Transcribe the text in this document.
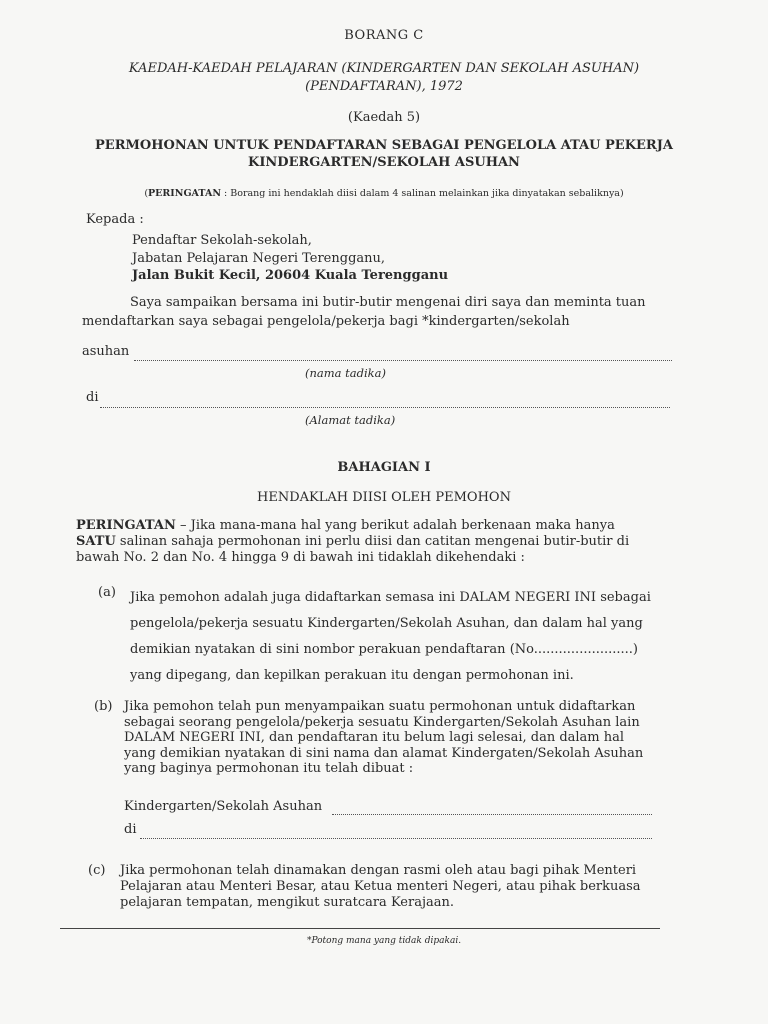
BORANG C
KAEDAH-KAEDAH PELAJARAN (KINDERGARTEN DAN SEKOLAH ASUHAN)
(PENDAFTARAN), 1972
(Kaedah 5)
PERMOHONAN UNTUK PENDAFTARAN SEBAGAI PENGELOLA ATAU PEKERJA
KINDERGARTEN/SEKOLAH ASUHAN
(PERINGATAN : Borang ini hendaklah diisi dalam 4 salinan melainkan jika dinyatakan sebaliknya)
Kepada :
Pendaftar Sekolah-sekolah,
Jabatan Pelajaran Negeri Terengganu,
Jalan Bukit Kecil, 20604 Kuala Terengganu
Saya sampaikan bersama ini butir-butir mengenai diri saya dan meminta tuan
mendaftarkan saya sebagai pengelola/pekerja bagi *kindergarten/sekolah
asuhan
(nama tadika)
di
(Alamat tadika)
BAHAGIAN I
HENDAKLAH DIISI OLEH PEMOHON
PERINGATAN – Jika mana-mana hal yang berikut adalah berkenaan maka hanya
SATU salinan sahaja permohonan ini perlu diisi dan catitan mengenai butir-butir di
bawah No. 2 dan No. 4 hingga 9 di bawah ini tidaklah dikehendaki :
(a) Jika pemohon adalah juga didaftarkan semasa ini DALAM NEGERI INI sebagai
pengelola/pekerja sesuatu Kindergarten/Sekolah Asuhan, dan dalam hal yang
demikian nyatakan di sini nombor perakuan pendaftaran (No........................)
yang dipegang, dan kepilkan perakuan itu dengan permohonan ini.
(b) Jika pemohon telah pun menyampaikan suatu permohonan untuk didaftarkan
sebagai seorang pengelola/pekerja sesuatu Kindergarten/Sekolah Asuhan lain
DALAM NEGERI INI, dan pendaftaran itu belum lagi selesai, dan dalam hal
yang demikian nyatakan di sini nama dan alamat Kindergaten/Sekolah Asuhan
yang baginya permohonan itu telah dibuat :
Kindergarten/Sekolah Asuhan
di
(c) Jika permohonan telah dinamakan dengan rasmi oleh atau bagi pihak Menteri
Pelajaran atau Menteri Besar, atau Ketua menteri Negeri, atau pihak berkuasa
pelajaran tempatan, mengikut suratcara Kerajaan.
*Potong mana yang tidak dipakai.
